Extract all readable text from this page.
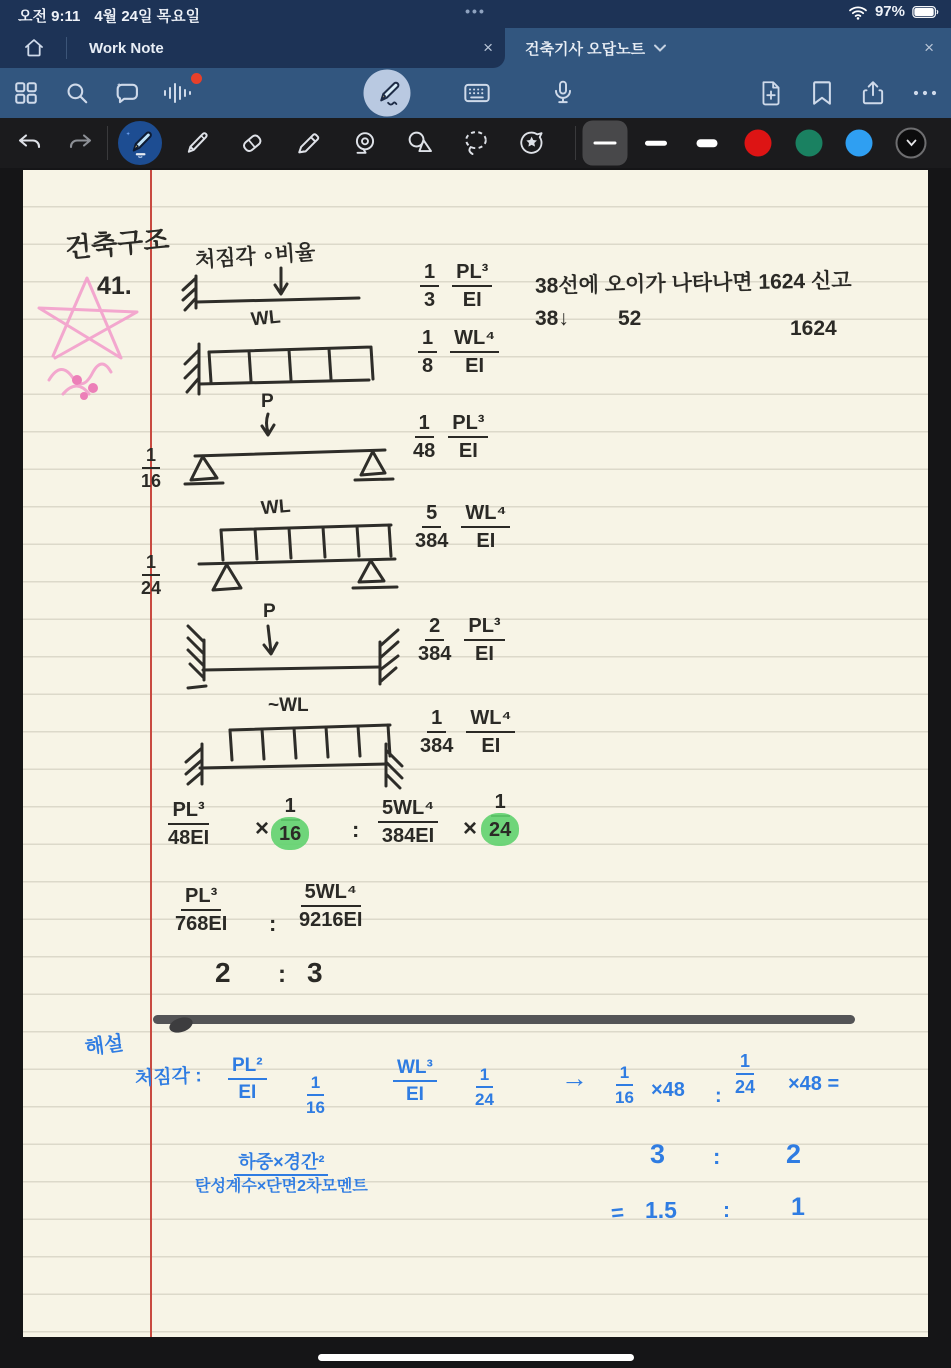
오전 9:11 4월 24일 목요일	•••	97%
건축기사 오답노트	×
Work Note	×
건축구조
41.
처짐각 ∘비율
WL
$\frac{1}{3} \frac{\text{PL³}}{EI}$
$\frac{1}{8} \frac{\text{WL⁴}}{EI}$
38선에 오이가 나타나면 1624 신고
38↓ 52	1624
P
$\frac{1}{16}$
$\frac{1}{48} \frac{\text{PL³}}{EI}$
WL
$\frac{1}{24}$
$\frac{5}{384} \frac{\text{WL⁴}}{EI}$
P
$\frac{2}{384} \frac{\text{PL³}}{EI}$
~WL
$\frac{1}{384} \frac{\text{WL⁴}}{EI}$
$\frac{\text{PL³}}{48EI} \times \frac{1}{16}$ : $\frac{\text{5WL⁴}}{384EI} \times \frac{1}{24}$
$\frac{\text{PL³}}{768EI}$ : $\frac{\text{5WL⁴}}{9216EI}$
2 : 3
해설
처짐각 : $\frac{\text{PL²}}{EI} \frac{1}{16}$	$\frac{\text{WL³}}{EI} \frac{1}{24} \to \frac{1}{16} \times 48$ : $\frac{1}{24} \times 48$ =
하중×경간²
탄성계수×단면2차모멘트
3 : 2
= 1.5 : 1
